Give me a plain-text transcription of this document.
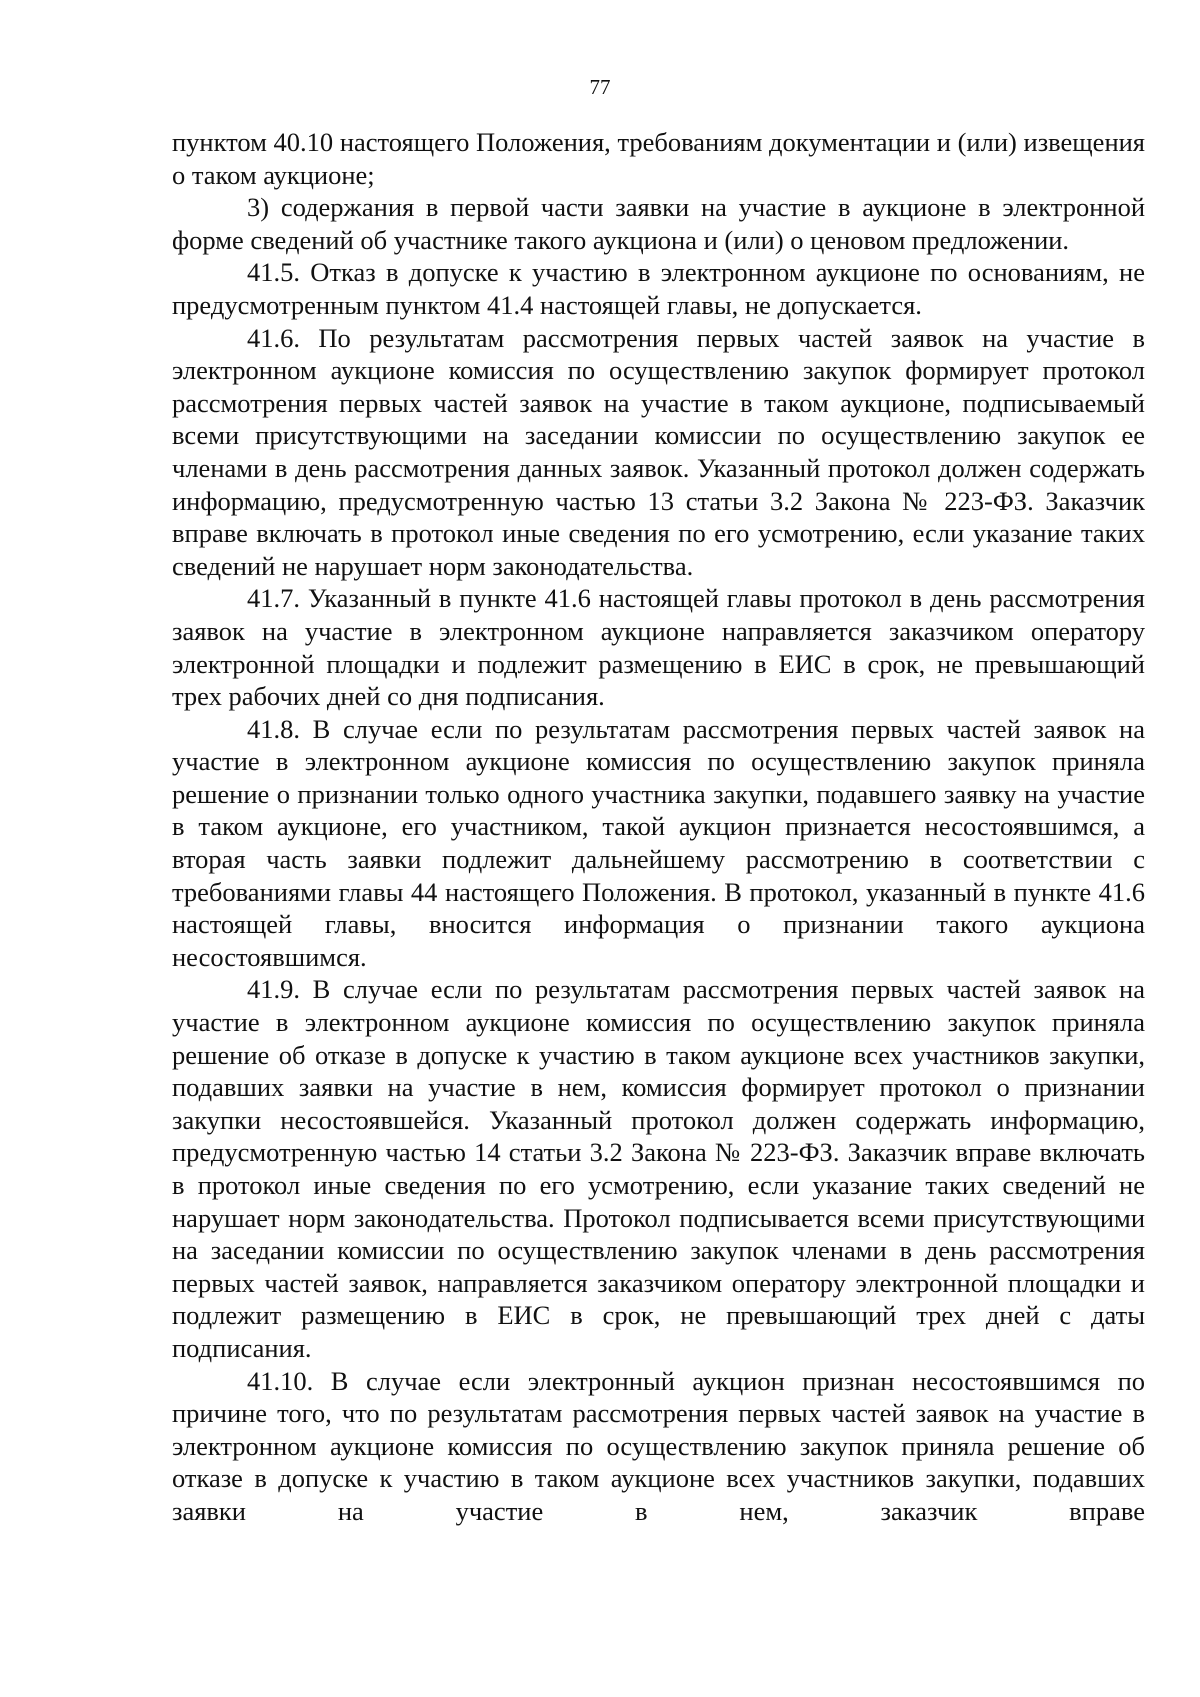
77

пунктом 40.10 настоящего Положения, требованиям документации и (или) извещения о таком аукционе;

3) содержания в первой части заявки на участие в аукционе в электронной форме сведений об участнике такого аукциона и (или) о ценовом предложении.

41.5. Отказ в допуске к участию в электронном аукционе по основаниям, не предусмотренным пунктом 41.4 настоящей главы, не допускается.

41.6. По результатам рассмотрения первых частей заявок на участие в электронном аукционе комиссия по осуществлению закупок формирует протокол рассмотрения первых частей заявок на участие в таком аукционе, подписываемый всеми присутствующими на заседании комиссии по осуществлению закупок ее членами в день рассмотрения данных заявок. Указанный протокол должен содержать информацию, предусмотренную частью 13 статьи 3.2 Закона № 223-ФЗ. Заказчик вправе включать в протокол иные сведения по его усмотрению, если указание таких сведений не нарушает норм законодательства.

41.7. Указанный в пункте 41.6 настоящей главы протокол в день рассмотрения заявок на участие в электронном аукционе направляется заказчиком оператору электронной площадки и подлежит размещению в ЕИС в срок, не превышающий трех рабочих дней со дня подписания.

41.8. В случае если по результатам рассмотрения первых частей заявок на участие в электронном аукционе комиссия по осуществлению закупок приняла решение о признании только одного участника закупки, подавшего заявку на участие в таком аукционе, его участником, такой аукцион признается несостоявшимся, а вторая часть заявки подлежит дальнейшему рассмотрению в соответствии с требованиями главы 44 настоящего Положения. В протокол, указанный в пункте 41.6 настоящей главы, вносится информация о признании такого аукциона несостоявшимся.

41.9. В случае если по результатам рассмотрения первых частей заявок на участие в электронном аукционе комиссия по осуществлению закупок приняла решение об отказе в допуске к участию в таком аукционе всех участников закупки, подавших заявки на участие в нем, комиссия формирует протокол о признании закупки несостоявшейся. Указанный протокол должен содержать информацию, предусмотренную частью 14 статьи 3.2 Закона № 223-ФЗ. Заказчик вправе включать в протокол иные сведения по его усмотрению, если указание таких сведений не нарушает норм законодательства. Протокол подписывается всеми присутствующими на заседании комиссии по осуществлению закупок членами в день рассмотрения первых частей заявок, направляется заказчиком оператору электронной площадки и подлежит размещению в ЕИС в срок, не превышающий трех дней с даты подписания.

41.10. В случае если электронный аукцион признан несостоявшимся по причине того, что по результатам рассмотрения первых частей заявок на участие в электронном аукционе комиссия по осуществлению закупок приняла решение об отказе в допуске к участию в таком аукционе всех участников закупки, подавших заявки на участие в нем, заказчик вправе
